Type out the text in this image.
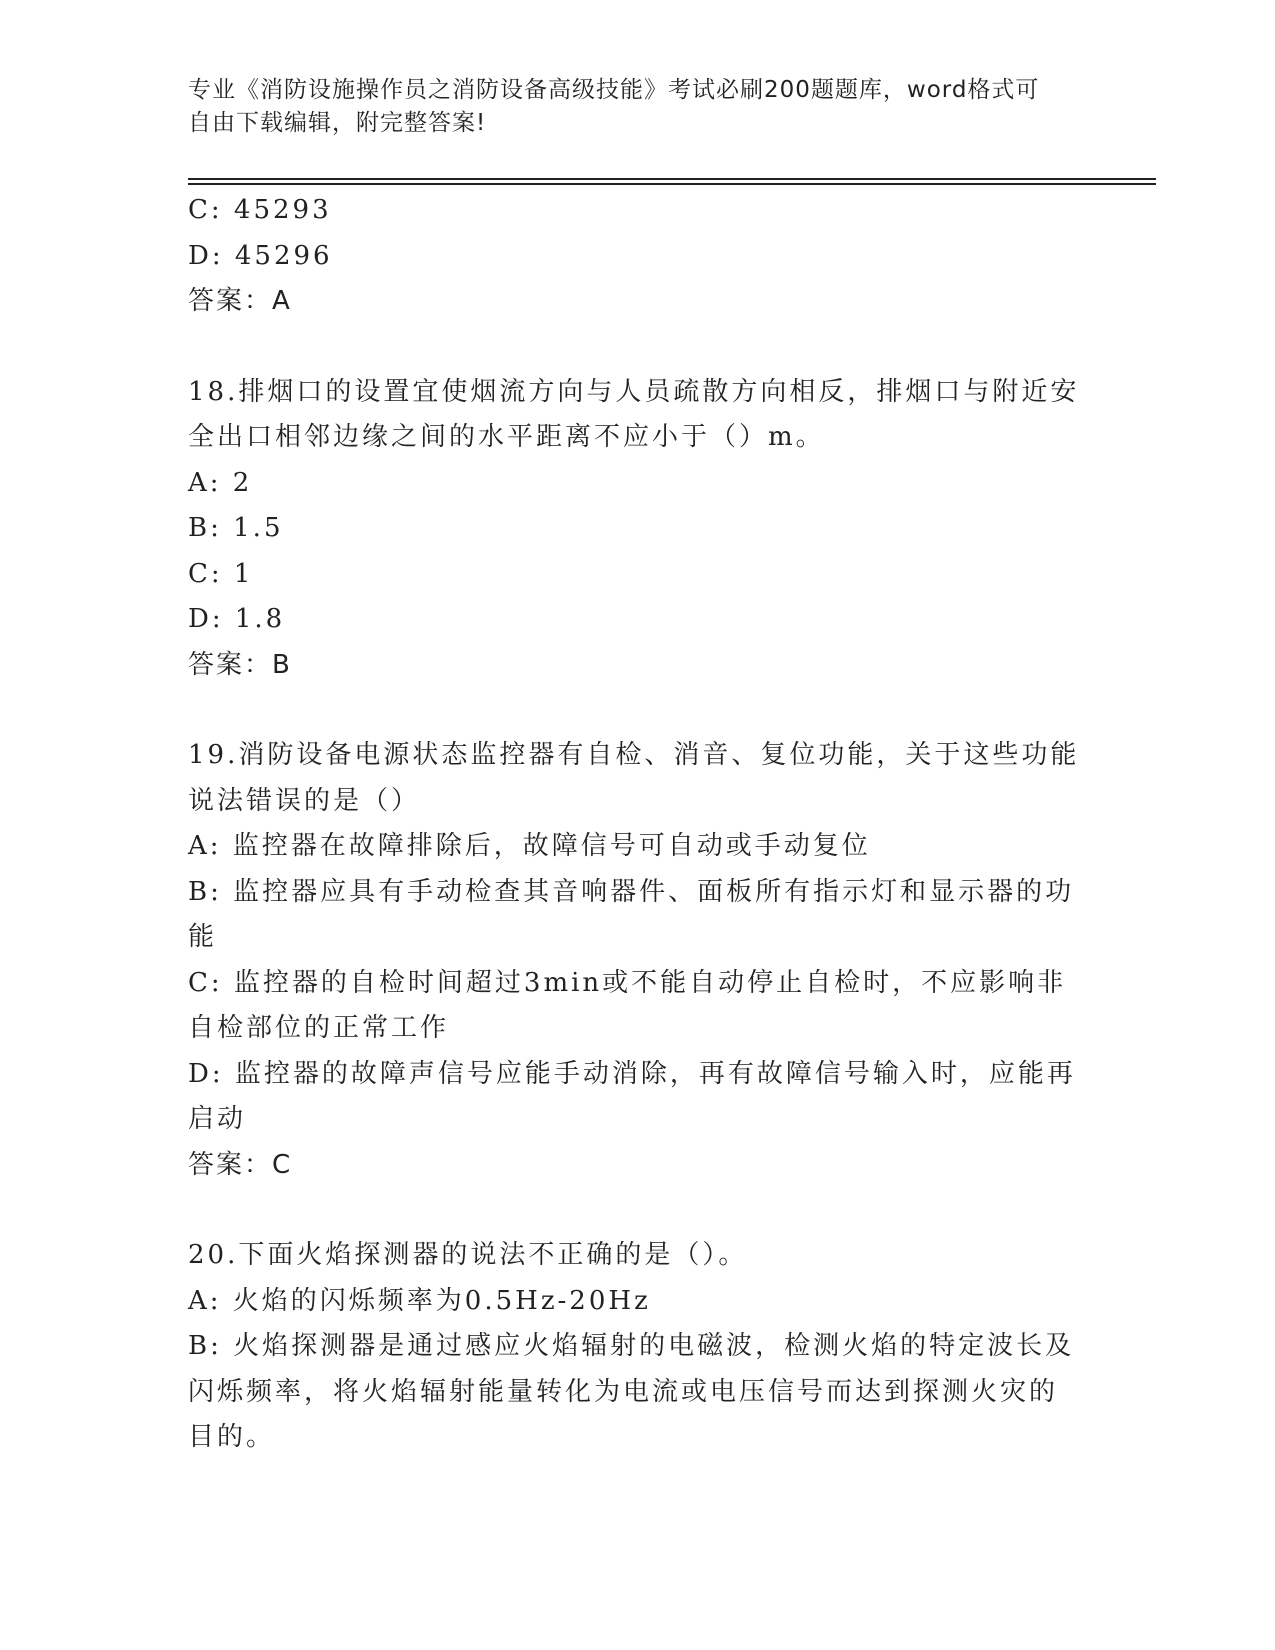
专业《消防设施操作员之消防设备高级技能》考试必刷200题题库，word格式可
自由下载编辑，附完整答案!
C: 45293
D: 45296
答案：A
18.排烟口的设置宜使烟流方向与人员疏散方向相反，排烟口与附近安
全出口相邻边缘之间的水平距离不应小于（）m。
A: 2
B: 1.5
C: 1
D: 1.8
答案：B
19.消防设备电源状态监控器有自检、消音、复位功能，关于这些功能
说法错误的是（）
A: 监控器在故障排除后，故障信号可自动或手动复位
B: 监控器应具有手动检查其音响器件、面板所有指示灯和显示器的功
能
C: 监控器的自检时间超过3min或不能自动停止自检时，不应影响非
自检部位的正常工作
D: 监控器的故障声信号应能手动消除，再有故障信号输入时，应能再
启动
答案：C
20.下面火焰探测器的说法不正确的是（）。
A: 火焰的闪烁频率为0.5Hz-20Hz
B: 火焰探测器是通过感应火焰辐射的电磁波，检测火焰的特定波长及
闪烁频率，将火焰辐射能量转化为电流或电压信号而达到探测火灾的
目的。
